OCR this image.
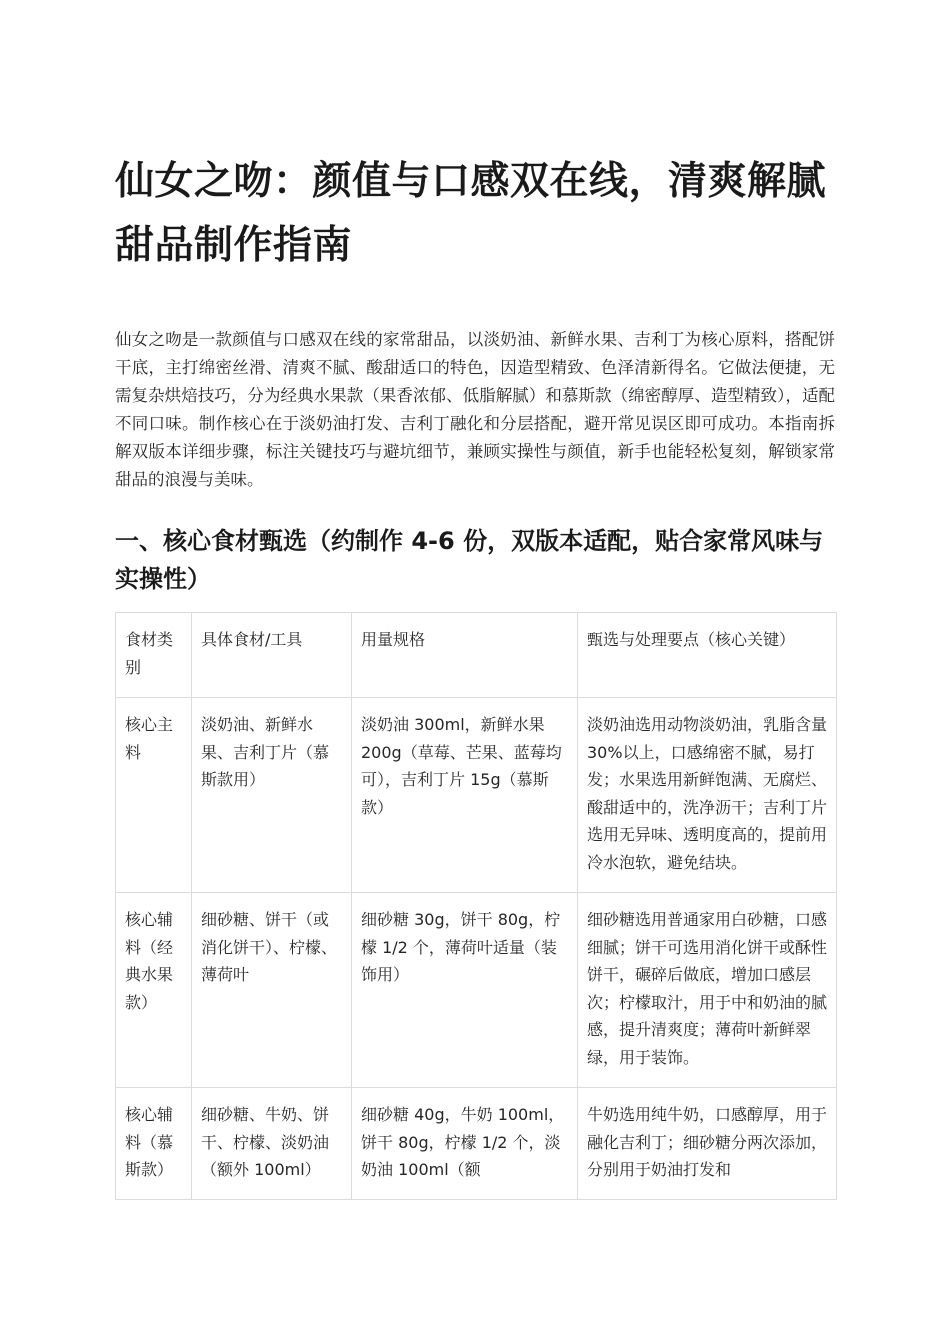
仙女之吻：颜值与口感双在线，清爽解腻甜品制作指南

仙女之吻是一款颜值与口感双在线的家常甜品，以淡奶油、新鲜水果、吉利丁为核心原料，搭配饼干底，主打绵密丝滑、清爽不腻、酸甜适口的特色，因造型精致、色泽清新得名。它做法便捷，无需复杂烘焙技巧，分为经典水果款（果香浓郁、低脂解腻）和慕斯款（绵密醇厚、造型精致），适配不同口味。制作核心在于淡奶油打发、吉利丁融化和分层搭配，避开常见误区即可成功。本指南拆解双版本详细步骤，标注关键技巧与避坑细节，兼顾实操性与颜值，新手也能轻松复刻，解锁家常甜品的浪漫与美味。

一、核心食材甄选（约制作 4-6 份，双版本适配，贴合家常风味与实操性）
食材类别	具体食材/工具	用量规格	甄选与处理要点（核心关键）
核心主料	淡奶油、新鲜水果、吉利丁片（慕斯款用）	淡奶油 300ml，新鲜水果 200g（草莓、芒果、蓝莓均可），吉利丁片 15g（慕斯款）	淡奶油选用动物淡奶油，乳脂含量 30%以上，口感绵密不腻，易打发；水果选用新鲜饱满、无腐烂、酸甜适中的，洗净沥干；吉利丁片选用无异味、透明度高的，提前用冷水泡软，避免结块。
核心辅料（经典水果款）	细砂糖、饼干（或消化饼干）、柠檬、薄荷叶	细砂糖 30g，饼干 80g，柠檬 1/2 个，薄荷叶适量（装饰用）	细砂糖选用普通家用白砂糖，口感细腻；饼干可选用消化饼干或酥性饼干，碾碎后做底，增加口感层次；柠檬取汁，用于中和奶油的腻感，提升清爽度；薄荷叶新鲜翠绿，用于装饰。

核心辅料（慕斯款）	细砂糖、牛奶、饼干、柠檬、淡奶油（额外 100ml）	细砂糖 40g，牛奶 100ml，饼干 80g，柠檬 1/2 个，淡奶油 100ml（额	牛奶选用纯牛奶，口感醇厚，用于融化吉利丁；细砂糖分两次添加，分别用于奶油打发和
